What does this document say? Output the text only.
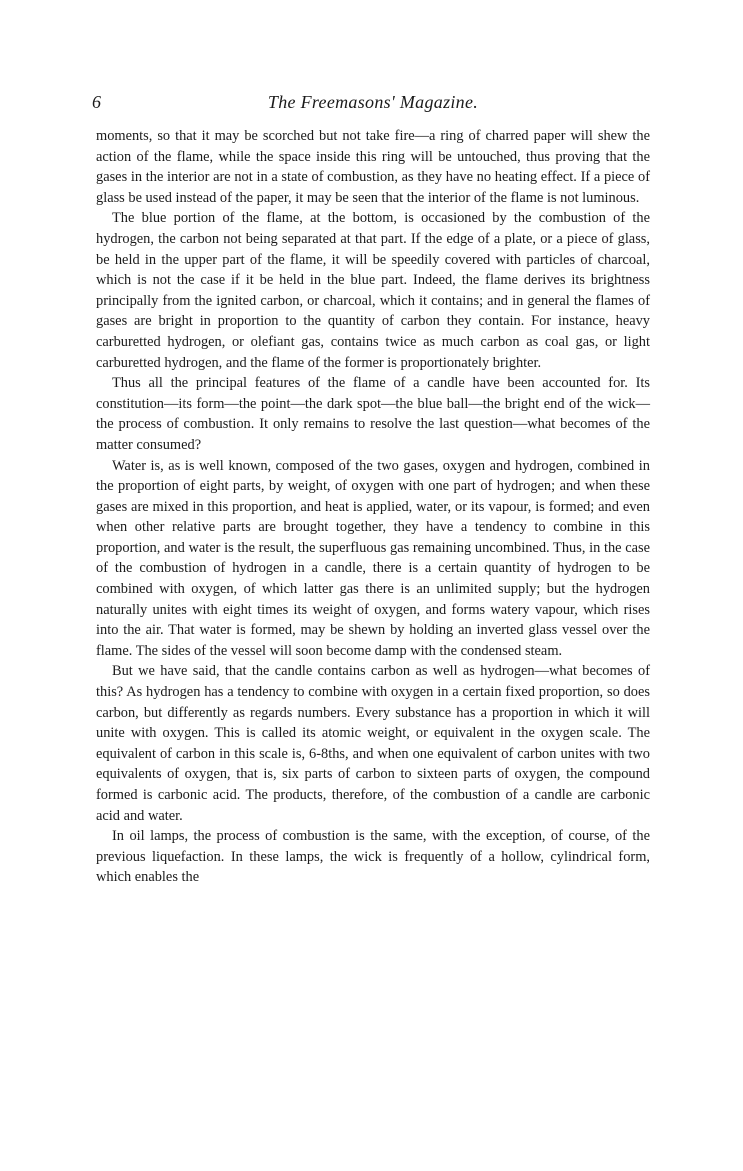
6	The Freemasons' Magazine.

moments, so that it may be scorched but not take fire—a ring of charred paper will shew the action of the flame, while the space inside this ring will be untouched, thus proving that the gases in the interior are not in a state of combustion, as they have no heating effect. If a piece of glass be used instead of the paper, it may be seen that the interior of the flame is not luminous.

The blue portion of the flame, at the bottom, is occasioned by the combustion of the hydrogen, the carbon not being separated at that part. If the edge of a plate, or a piece of glass, be held in the upper part of the flame, it will be speedily covered with particles of charcoal, which is not the case if it be held in the blue part. Indeed, the flame derives its brightness principally from the ignited carbon, or charcoal, which it contains; and in general the flames of gases are bright in proportion to the quantity of carbon they contain. For instance, heavy carburetted hydrogen, or olefiant gas, contains twice as much carbon as coal gas, or light carburetted hydrogen, and the flame of the former is proportionately brighter.

Thus all the principal features of the flame of a candle have been accounted for. Its constitution—its form—the point—the dark spot—the blue ball—the bright end of the wick—the process of combustion. It only remains to resolve the last question—what becomes of the matter consumed?

Water is, as is well known, composed of the two gases, oxygen and hydrogen, combined in the proportion of eight parts, by weight, of oxygen with one part of hydrogen; and when these gases are mixed in this proportion, and heat is applied, water, or its vapour, is formed; and even when other relative parts are brought together, they have a tendency to combine in this proportion, and water is the result, the superfluous gas remaining uncombined. Thus, in the case of the combustion of hydrogen in a candle, there is a certain quantity of hydrogen to be combined with oxygen, of which latter gas there is an unlimited supply; but the hydrogen naturally unites with eight times its weight of oxygen, and forms watery vapour, which rises into the air. That water is formed, may be shewn by holding an inverted glass vessel over the flame. The sides of the vessel will soon become damp with the condensed steam.

But we have said, that the candle contains carbon as well as hydrogen—what becomes of this? As hydrogen has a tendency to combine with oxygen in a certain fixed proportion, so does carbon, but differently as regards numbers. Every substance has a proportion in which it will unite with oxygen. This is called its atomic weight, or equivalent in the oxygen scale. The equivalent of carbon in this scale is, 6-8ths, and when one equivalent of carbon unites with two equivalents of oxygen, that is, six parts of carbon to sixteen parts of oxygen, the compound formed is carbonic acid. The products, therefore, of the combustion of a candle are carbonic acid and water.

In oil lamps, the process of combustion is the same, with the exception, of course, of the previous liquefaction. In these lamps, the wick is frequently of a hollow, cylindrical form, which enables the
